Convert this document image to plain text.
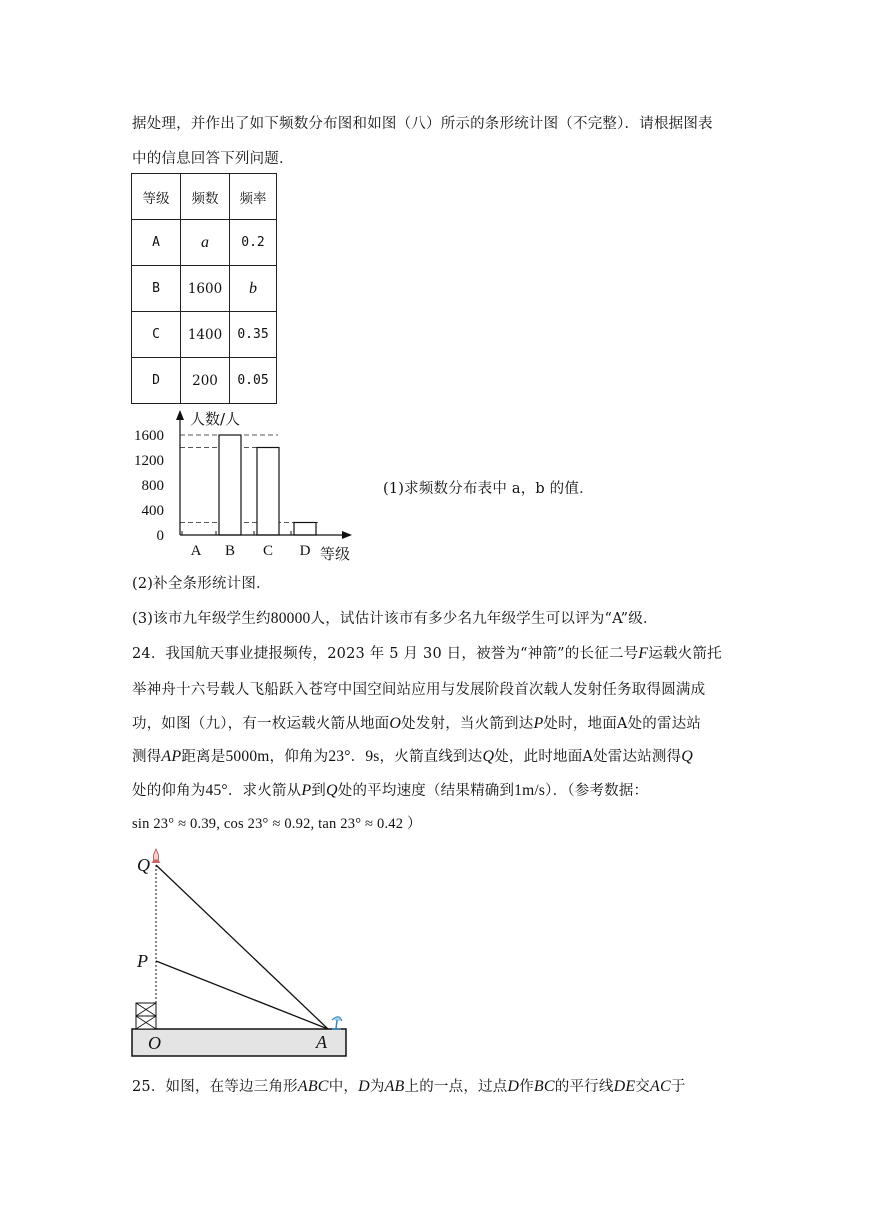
据处理，并作出了如下频数分布图和如图（八）所示的条形统计图（不完整）．请根据图表
中的信息回答下列问题．
等级	频数	频率
A	a	0.2
B	1600	b
C	1400	0.35
D	200	0.05
0
400
800
1200
1600
A B C D
人数/人
等级
(1)求频数分布表中 a，b 的值．
(2)补全条形统计图．
(3)该市九年级学生约80000人，试估计该市有多少名九年级学生可以评为“A”级．
24．我国航天事业捷报频传，2023 年 5 月 30 日，被誉为“神箭”的长征二号F运载火箭托
举神舟十六号载人飞船跃入苍穹中国空间站应用与发展阶段首次载人发射任务取得圆满成
功，如图（九），有一枚运载火箭从地面O处发射，当火箭到达P处时，地面A处的雷达站
测得AP距离是5000m，仰角为23°．9s，火箭直线到达Q处，此时地面A处雷达站测得Q
处的仰角为45°．求火箭从P到Q处的平均速度（结果精确到1m/s）．（参考数据：
sin 23° ≈ 0.39, cos 23° ≈ 0.92, tan 23° ≈ 0.42 ）
Q
P
O	A
25．如图，在等边三角形ABC中，D为AB上的一点，过点D作BC的平行线DE交AC于
